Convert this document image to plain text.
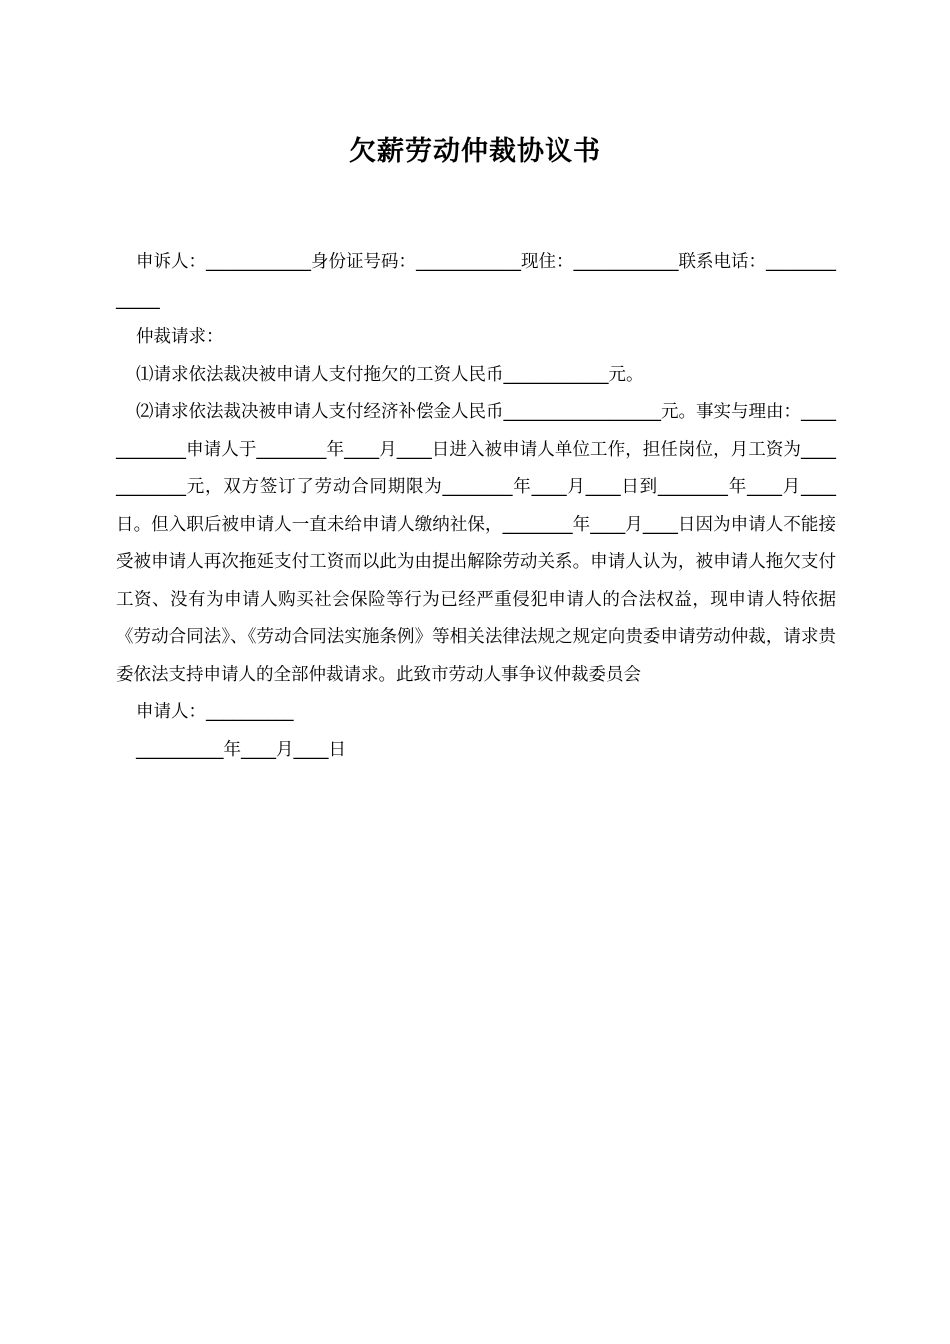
欠薪劳动仲裁协议书

申诉人：____________身份证号码：____________现住：____________联系电话：_____________

仲裁请求：

⑴请求依法裁决被申请人支付拖欠的工资人民币____________元。

⑵请求依法裁决被申请人支付经济补偿金人民币__________________元。事实与理由：____________申请人于________年____月____日进入被申请人单位工作，担任岗位，月工资为____________元，双方签订了劳动合同期限为________年____月____日到________年____月____日。但入职后被申请人一直未给申请人缴纳社保，________年____月____日因为申请人不能接受被申请人再次拖延支付工资而以此为由提出解除劳动关系。申请人认为，被申请人拖欠支付工资、没有为申请人购买社会保险等行为已经严重侵犯申请人的合法权益，现申请人特依据《劳动合同法》、《劳动合同法实施条例》等相关法律法规之规定向贵委申请劳动仲裁，请求贵委依法支持申请人的全部仲裁请求。此致市劳动人事争议仲裁委员会

申请人：__________

__________年____月____日
